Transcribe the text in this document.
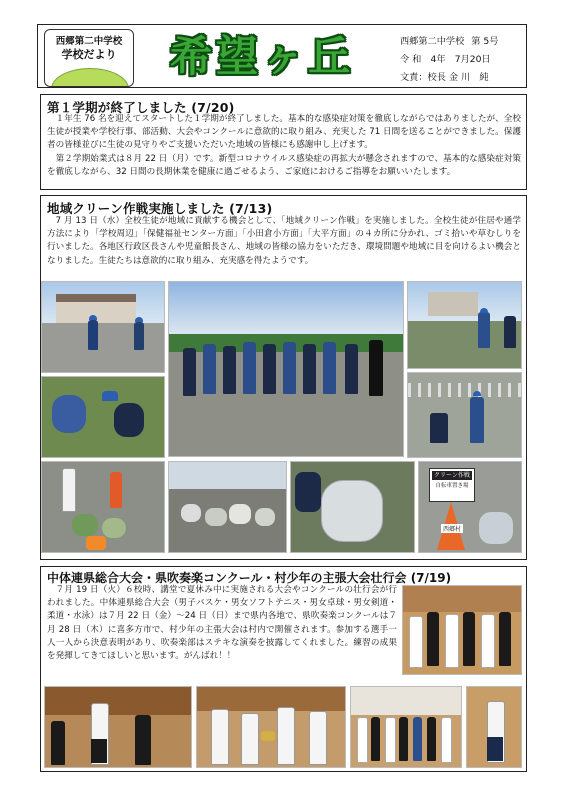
西郷第二中学校
学校だより	希望ヶ丘	西郷第二中学校 第 5号
令 和　4年　7月20日
文責：校長 金 川　純
第１学期が終了しました (7/20)

１年生 76 名を迎えてスタートした１学期が終了しました。基本的な感染症対策を徹底しながらではありましたが、全校生徒が授業や学校行事、部活動、大会やコンクールに意欲的に取り組み、充実した 71 日間を送ることができました。保護者の皆様並びに生徒の見守りやご支援いただいた地域の皆様にも感謝申し上げます。

第２学期始業式は８月 22 日（月）です。新型コロナウイルス感染症の再拡大が懸念されますので、基本的な感染症対策を徹底しながら、32 日間の長期休業を健康に過ごせるよう、ご家庭におけるご指導をお願いいたします。

地域クリーン作戦実施しました (7/13)

7 月 13 日（水）全校生徒が地域に貢献する機会として、「地域クリーン作戦」を実施しました。全校生徒が住居や通学方法により「学校周辺」「保健福祉センター方面」「小田倉小方面」「大平方面」の４カ所に分かれ、ゴミ拾いや草むしりを行いました。各地区行政区長さんや児童館長さん、地域の皆様の協力をいただき、環境問題や地域に目を向けるよい機会となりました。生徒たちは意欲的に取り組み、充実感を得たようです。

クリーン作戦
自転車置き場
西郷村
中体連県総合大会・県吹奏楽コンクール・村少年の主張大会壮行会 (7/19)

７月 19 日（火）６校時、講堂で夏休み中に実施される大会やコンクールの壮行会が行われました。中体連県総合大会（男子バスケ・男女ソフトテニス・男女卓球・男女剣道・柔道・水泳）は７月 22 日（金）～24 日（日）まで県内各地で、県吹奏楽コンクールは７月 28 日（木）に喜多方市で、村少年の主張大会は村内で開催されます。参加する選手一人一人から決意表明があり、吹奏楽部はステキな演奏を披露してくれました。練習の成果を発揮してきてほしいと思います。がんばれ！！
